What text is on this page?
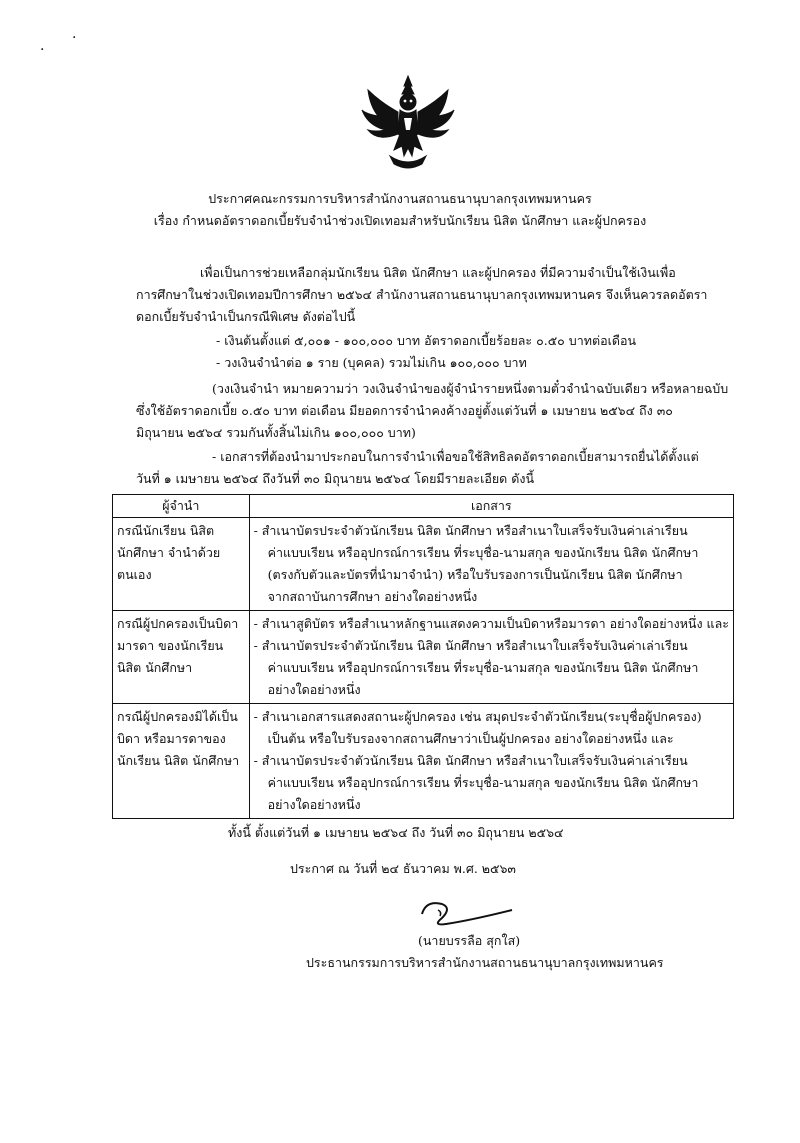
·
·
ประกาศคณะกรรมการบริหารสำนักงานสถานธนานุบาลกรุงเทพมหานคร
เรื่อง กำหนดอัตราดอกเบี้ยรับจำนำช่วงเปิดเทอมสำหรับนักเรียน นิสิต นักศึกษา และผู้ปกครอง
เพื่อเป็นการช่วยเหลือกลุ่มนักเรียน นิสิต นักศึกษา และผู้ปกครอง ที่มีความจำเป็นใช้เงินเพื่อ
การศึกษาในช่วงเปิดเทอมปีการศึกษา ๒๕๖๔ สำนักงานสถานธนานุบาลกรุงเทพมหานคร จึงเห็นควรลดอัตรา
ดอกเบี้ยรับจำนำเป็นกรณีพิเศษ ดังต่อไปนี้
- เงินต้นตั้งแต่ ๕,๐๐๑ - ๑๐๐,๐๐๐ บาท อัตราดอกเบี้ยร้อยละ ๐.๕๐ บาทต่อเดือน
- วงเงินจำนำต่อ ๑ ราย (บุคคล) รวมไม่เกิน ๑๐๐,๐๐๐ บาท
(วงเงินจำนำ หมายความว่า วงเงินจำนำของผู้จำนำรายหนึ่งตามตั๋วจำนำฉบับเดียว หรือหลายฉบับ
ซึ่งใช้อัตราดอกเบี้ย ๐.๕๐ บาท ต่อเดือน มียอดการจำนำคงค้างอยู่ตั้งแต่วันที่ ๑ เมษายน ๒๕๖๔ ถึง ๓๐
มิถุนายน ๒๕๖๔ รวมกันทั้งสิ้นไม่เกิน ๑๐๐,๐๐๐ บาท)
- เอกสารที่ต้องนำมาประกอบในการจำนำเพื่อขอใช้สิทธิลดอัตราดอกเบี้ยสามารถยื่นได้ตั้งแต่
วันที่ ๑ เมษายน ๒๕๖๔ ถึงวันที่ ๓๐ มิถุนายน ๒๕๖๔ โดยมีรายละเอียด ดังนี้
ผู้จำนำ	เอกสาร
กรณีนักเรียน นิสิต นักศึกษา จำนำด้วยตนเอง	- สำเนาบัตรประจำตัวนักเรียน นิสิต นักศึกษา หรือสำเนาใบเสร็จรับเงินค่าเล่าเรียน
ค่าแบบเรียน หรืออุปกรณ์การเรียน ที่ระบุชื่อ-นามสกุล ของนักเรียน นิสิต นักศึกษา
(ตรงกับตัวและบัตรที่นำมาจำนำ) หรือใบรับรองการเป็นนักเรียน นิสิต นักศึกษา
จากสถาบันการศึกษา อย่างใดอย่างหนึ่ง

กรณีผู้ปกครองเป็นบิดา มารดา ของนักเรียน นิสิต นักศึกษา	- สำเนาสูติบัตร หรือสำเนาหลักฐานแสดงความเป็นบิดาหรือมารดา อย่างใดอย่างหนึ่ง และ
- สำเนาบัตรประจำตัวนักเรียน นิสิต นักศึกษา หรือสำเนาใบเสร็จรับเงินค่าเล่าเรียน
ค่าแบบเรียน หรืออุปกรณ์การเรียน ที่ระบุชื่อ-นามสกุล ของนักเรียน นิสิต นักศึกษา
อย่างใดอย่างหนึ่ง

กรณีผู้ปกครองมิได้เป็นบิดา หรือมารดาของนักเรียน นิสิต นักศึกษา	- สำเนาเอกสารแสดงสถานะผู้ปกครอง เช่น สมุดประจำตัวนักเรียน(ระบุชื่อผู้ปกครอง)
เป็นต้น หรือใบรับรองจากสถานศึกษาว่าเป็นผู้ปกครอง อย่างใดอย่างหนึ่ง และ
- สำเนาบัตรประจำตัวนักเรียน นิสิต นักศึกษา หรือสำเนาใบเสร็จรับเงินค่าเล่าเรียน
ค่าแบบเรียน หรืออุปกรณ์การเรียน ที่ระบุชื่อ-นามสกุล ของนักเรียน นิสิต นักศึกษา
อย่างใดอย่างหนึ่ง
ทั้งนี้ ตั้งแต่วันที่ ๑ เมษายน ๒๕๖๔ ถึง วันที่ ๓๐ มิถุนายน ๒๕๖๔
ประกาศ ณ วันที่ ๒๔ ธันวาคม พ.ศ. ๒๕๖๓
(นายบรรลือ สุกใส)
ประธานกรรมการบริหารสำนักงานสถานธนานุบาลกรุงเทพมหานคร
